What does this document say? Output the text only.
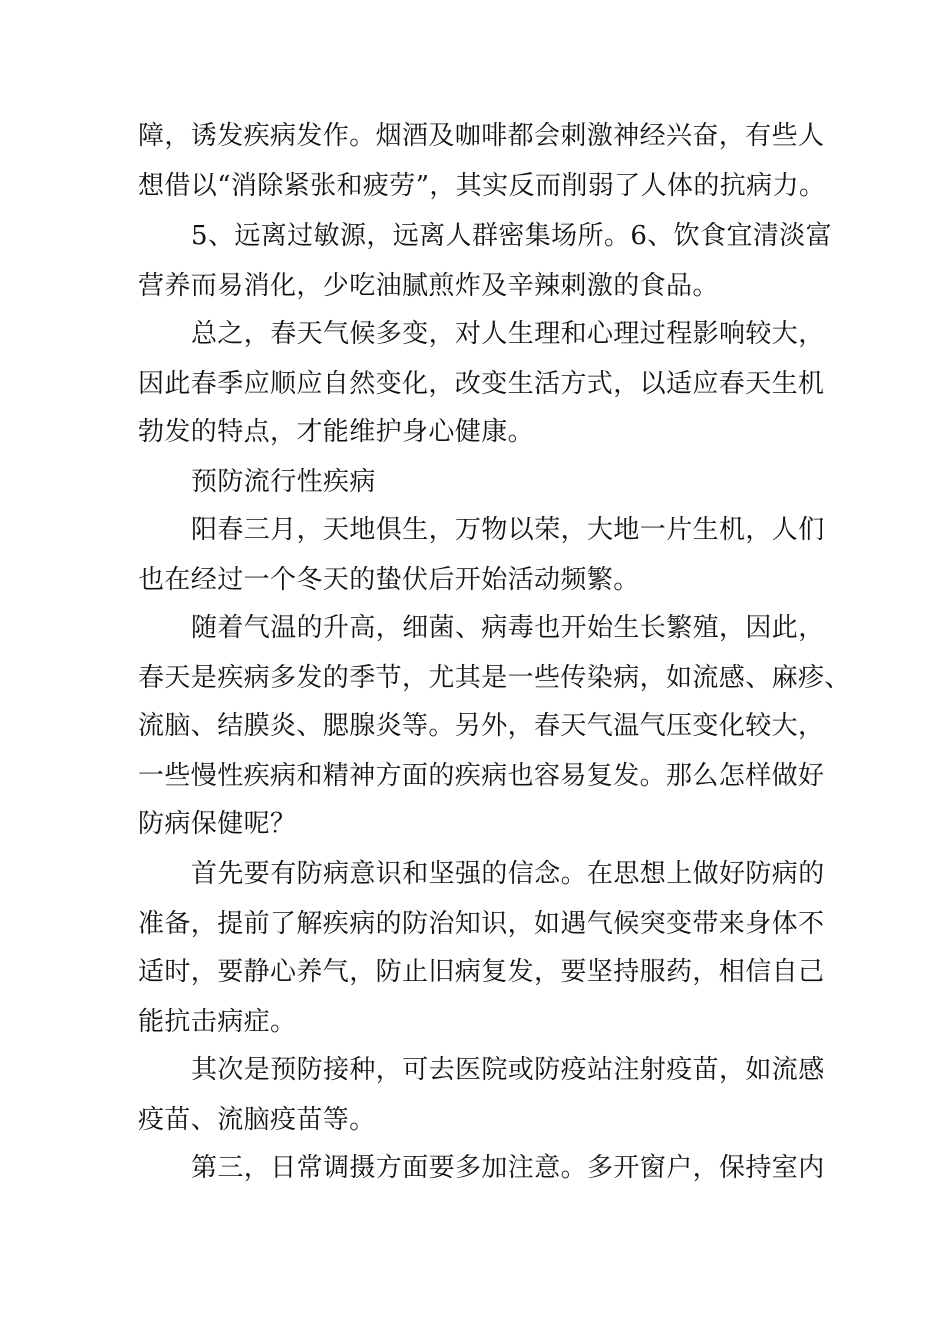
障，诱发疾病发作。烟酒及咖啡都会刺激神经兴奋，有些人
想借以“消除紧张和疲劳”，其实反而削弱了人体的抗病力。
5、远离过敏源，远离人群密集场所。6、饮食宜清淡富
营养而易消化，少吃油腻煎炸及辛辣刺激的食品。
总之，春天气候多变，对人生理和心理过程影响较大，
因此春季应顺应自然变化，改变生活方式，以适应春天生机
勃发的特点，才能维护身心健康。
预防流行性疾病
阳春三月，天地俱生，万物以荣，大地一片生机，人们
也在经过一个冬天的蛰伏后开始活动频繁。
随着气温的升高，细菌、病毒也开始生长繁殖，因此，
春天是疾病多发的季节，尤其是一些传染病，如流感、麻疹、
流脑、结膜炎、腮腺炎等。另外，春天气温气压变化较大，
一些慢性疾病和精神方面的疾病也容易复发。那么怎样做好
防病保健呢？
首先要有防病意识和坚强的信念。在思想上做好防病的
准备，提前了解疾病的防治知识，如遇气候突变带来身体不
适时，要静心养气，防止旧病复发，要坚持服药，相信自己
能抗击病症。
其次是预防接种，可去医院或防疫站注射疫苗，如流感
疫苗、流脑疫苗等。
第三，日常调摄方面要多加注意。多开窗户，保持室内
